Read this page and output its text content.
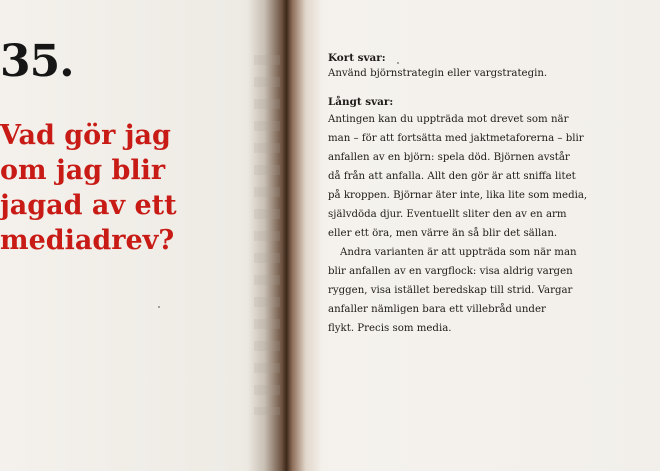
35.
Vad gör jag
om jag blir
jagad av ett
mediadrev?

Kort svar:

Använd björnstrategin eller vargstrategin.

Långt svar:

Antingen kan du uppträda mot drevet som när
man – för att fortsätta med jaktmetaforerna – blir
anfallen av en björn: spela död. Björnen avstår
då från att anfalla. Allt den gör är att sniffa litet
på kroppen. Björnar äter inte, lika lite som media,
självdöda djur. Eventuellt sliter den av en arm
eller ett öra, men värre än så blir det sällan.
Andra varianten är att uppträda som när man
blir anfallen av en vargflock: visa aldrig vargen
ryggen, visa istället beredskap till strid. Vargar
anfaller nämligen bara ett villebråd under
flykt. Precis som media.
